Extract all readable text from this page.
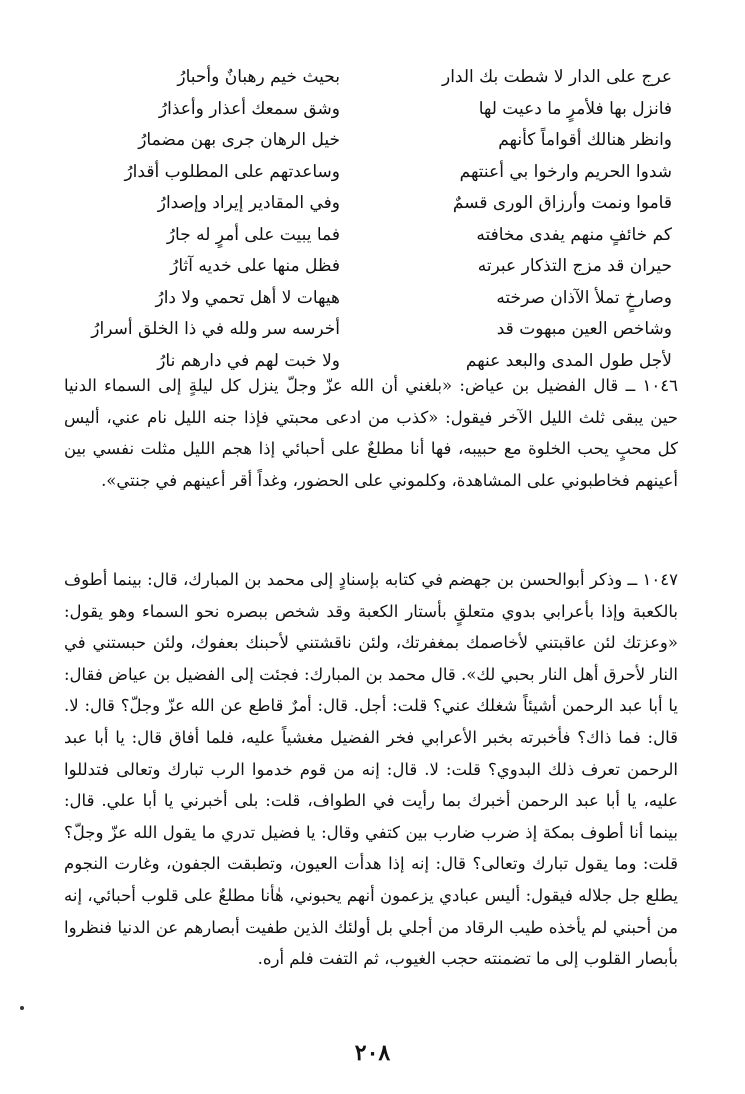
عرج على الدار لا شطت بك الدار
بحيث خيم رهبانٌ وأحبارُ
فانزل بها فلأمرٍ ما دعيت لها
وشق سمعك أعذار وأعذارُ
وانظر هنالك أقواماً كأنهم
خيل الرهان جرى بهن مضمارُ
شدوا الحريم وارخوا بي أعنتهم
وساعدتهم على المطلوب أقدارُ
قاموا ونمت وأرزاق الورى قسمٌ
وفي المقادير إيراد وإصدارُ
كم خائفٍ منهم يفدى مخافته
فما يبيت على أمرٍ له جارُ
حيران قد مزج التذكار عبرته
فظل منها على خديه آثارُ
وصارخٍ تملأ الآذان صرخته
هيهات لا أهل تحمي ولا دارُ
وشاخص العين مبهوت قد
أخرسه سر ولله في ذا الخلق أسرارُ
لأجل طول المدى والبعد عنهم
ولا خبت لهم في دارهم نارُ

١٠٤٦ ــ قال الفضيل بن عياض: «بلغني أن الله عزّ وجلّ ينزل كل ليلةٍ إلى السماء الدنيا حين يبقى ثلث الليل الآخر فيقول: «كذب من ادعى محبتي فإذا جنه الليل نام عني، أليس كل محبٍ يحب الخلوة مع حبيبه، فها أنا مطلعٌ على أحبائي إذا هجم الليل مثلت نفسي بين أعينهم فخاطبوني على المشاهدة، وكلموني على الحضور، وغداً أقر أعينهم في جنتي».

١٠٤٧ ــ وذكر أبوالحسن بن جهضم في كتابه بإسنادٍ إلى محمد بن المبارك، قال: بينما أطوف بالكعبة وإذا بأعرابي بدوي متعلقٍ بأستار الكعبة وقد شخص ببصره نحو السماء وهو يقول: «وعزتك لئن عاقبتني لأخاصمك بمغفرتك، ولئن ناقشتني لأحبنك بعفوك، ولئن حبستني في النار لأحرق أهل النار بحبي لك». قال محمد بن المبارك: فجئت إلى الفضيل بن عياض فقال: يا أبا عبد الرحمن أشيئاً شغلك عني؟ قلت: أجل. قال: أمرٌ قاطع عن الله عزّ وجلّ؟ قال: لا. قال: فما ذاك؟ فأخبرته بخبر الأعرابي فخر الفضيل مغشياً عليه، فلما أفاق قال: يا أبا عبد الرحمن تعرف ذلك البدوي؟ قلت: لا. قال: إنه من قوم خدموا الرب تبارك وتعالى فتدللوا عليه، يا أبا عبد الرحمن أخبرك بما رأيت في الطواف، قلت: بلى أخبرني يا أبا علي. قال: بينما أنا أطوف بمكة إذ ضرب ضارب بين كتفي وقال: يا فضيل تدري ما يقول الله عزّ وجلّ؟ قلت: وما يقول تبارك وتعالى؟ قال: إنه إذا هدأت العيون، وتطبقت الجفون، وغارت النجوم يطلع جل جلاله فيقول: أليس عبادي يزعمون أنهم يحبوني، هٰأنا مطلعٌ على قلوب أحبائي، إنه من أحبني لم يأخذه طيب الرقاد من أجلي بل أولئك الذين طفيت أبصارهم عن الدنيا فنظروا بأبصار القلوب إلى ما تضمنته حجب الغيوب، ثم التفت فلم أره.

٢٠٨
